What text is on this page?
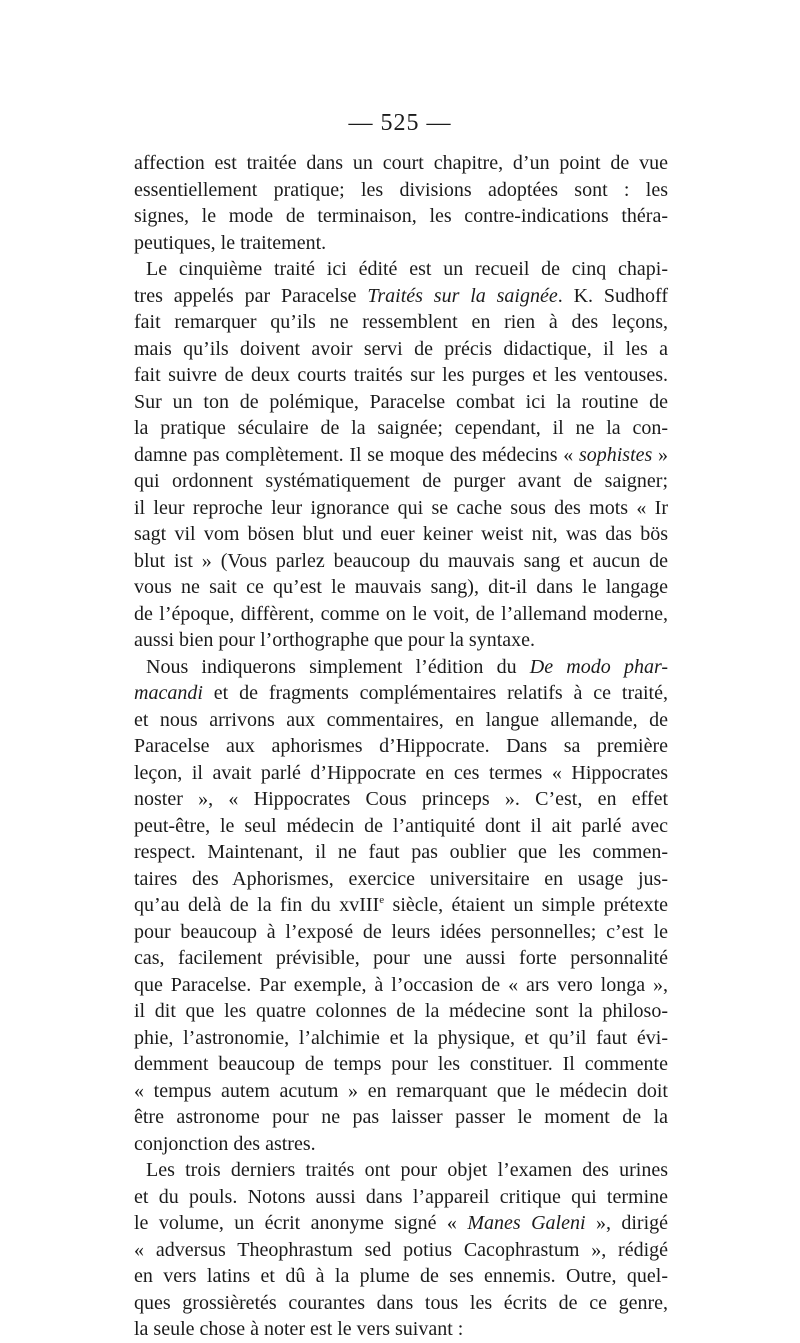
— 525 —

affection est traitée dans un court chapitre, d’un point de vue
essentiellement pratique; les divisions adoptées sont : les
signes, le mode de terminaison, les contre-indications théra-
peutiques, le traitement.

Le cinquième traité ici édité est un recueil de cinq chapi-
tres appelés par Paracelse Traités sur la saignée. K. Sudhoff
fait remarquer qu’ils ne ressemblent en rien à des leçons,
mais qu’ils doivent avoir servi de précis didactique, il les a
fait suivre de deux courts traités sur les purges et les ventouses.
Sur un ton de polémique, Paracelse combat ici la routine de
la pratique séculaire de la saignée; cependant, il ne la con-
damne pas complètement. Il se moque des médecins « sophistes »
qui ordonnent systématiquement de purger avant de saigner;
il leur reproche leur ignorance qui se cache sous des mots « Ir
sagt vil vom bösen blut und euer keiner weist nit, was das bös
blut ist » (Vous parlez beaucoup du mauvais sang et aucun de
vous ne sait ce qu’est le mauvais sang), dit-il dans le langage
de l’époque, diffèrent, comme on le voit, de l’allemand moderne,
aussi bien pour l’orthographe que pour la syntaxe.

Nous indiquerons simplement l’édition du De modo phar-
macandi et de fragments complémentaires relatifs à ce traité,
et nous arrivons aux commentaires, en langue allemande, de
Paracelse aux aphorismes d’Hippocrate. Dans sa première
leçon, il avait parlé d’Hippocrate en ces termes « Hippocrates
noster », « Hippocrates Cous princeps ». C’est, en effet
peut-être, le seul médecin de l’antiquité dont il ait parlé avec
respect. Maintenant, il ne faut pas oublier que les commen-
taires des Aphorismes, exercice universitaire en usage jus-
qu’au delà de la fin du xvIII$^e$ siècle, étaient un simple prétexte
pour beaucoup à l’exposé de leurs idées personnelles; c’est le
cas, facilement prévisible, pour une aussi forte personnalité
que Paracelse. Par exemple, à l’occasion de « ars vero longa »,
il dit que les quatre colonnes de la médecine sont la philoso-
phie, l’astronomie, l’alchimie et la physique, et qu’il faut évi-
demment beaucoup de temps pour les constituer. Il commente
« tempus autem acutum » en remarquant que le médecin doit
être astronome pour ne pas laisser passer le moment de la
conjonction des astres.

Les trois derniers traités ont pour objet l’examen des urines
et du pouls. Notons aussi dans l’appareil critique qui termine
le volume, un écrit anonyme signé « Manes Galeni », dirigé
« adversus Theophrastum sed potius Cacophrastum », rédigé
en vers latins et dû à la plume de ses ennemis. Outre, quel-
ques grossièretés courantes dans tous les écrits de ce genre,
la seule chose à noter est le vers suivant :
